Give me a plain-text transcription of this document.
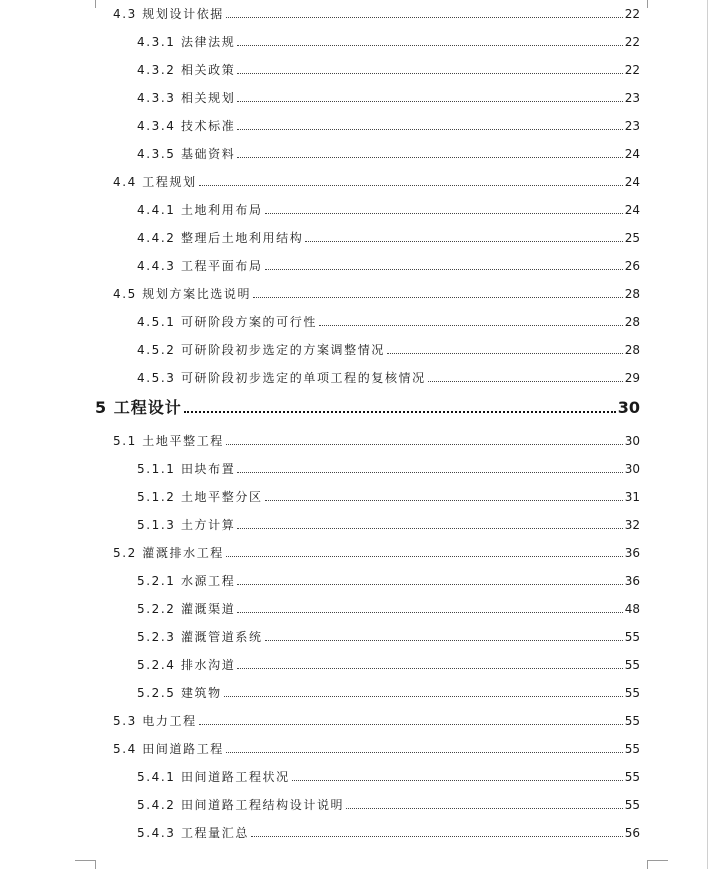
4.3 规划设计依据	22
4.3.1 法律法规	22
4.3.2 相关政策	22
4.3.3 相关规划	23
4.3.4 技术标准	23
4.3.5 基础资料	24
4.4 工程规划	24
4.4.1 土地利用布局	24
4.4.2 整理后土地利用结构	25
4.4.3 工程平面布局	26
4.5 规划方案比选说明	28
4.5.1 可研阶段方案的可行性	28
4.5.2 可研阶段初步选定的方案调整情况	28
4.5.3 可研阶段初步选定的单项工程的复核情况	29
5 工程设计	30
5.1 土地平整工程	30
5.1.1 田块布置	30
5.1.2 土地平整分区	31
5.1.3 土方计算	32
5.2 灌溉排水工程	36
5.2.1 水源工程	36
5.2.2 灌溉渠道	48
5.2.3 灌溉管道系统	55
5.2.4 排水沟道	55
5.2.5 建筑物	55
5.3 电力工程	55
5.4 田间道路工程	55
5.4.1 田间道路工程状况	55
5.4.2 田间道路工程结构设计说明	55
5.4.3 工程量汇总	56
